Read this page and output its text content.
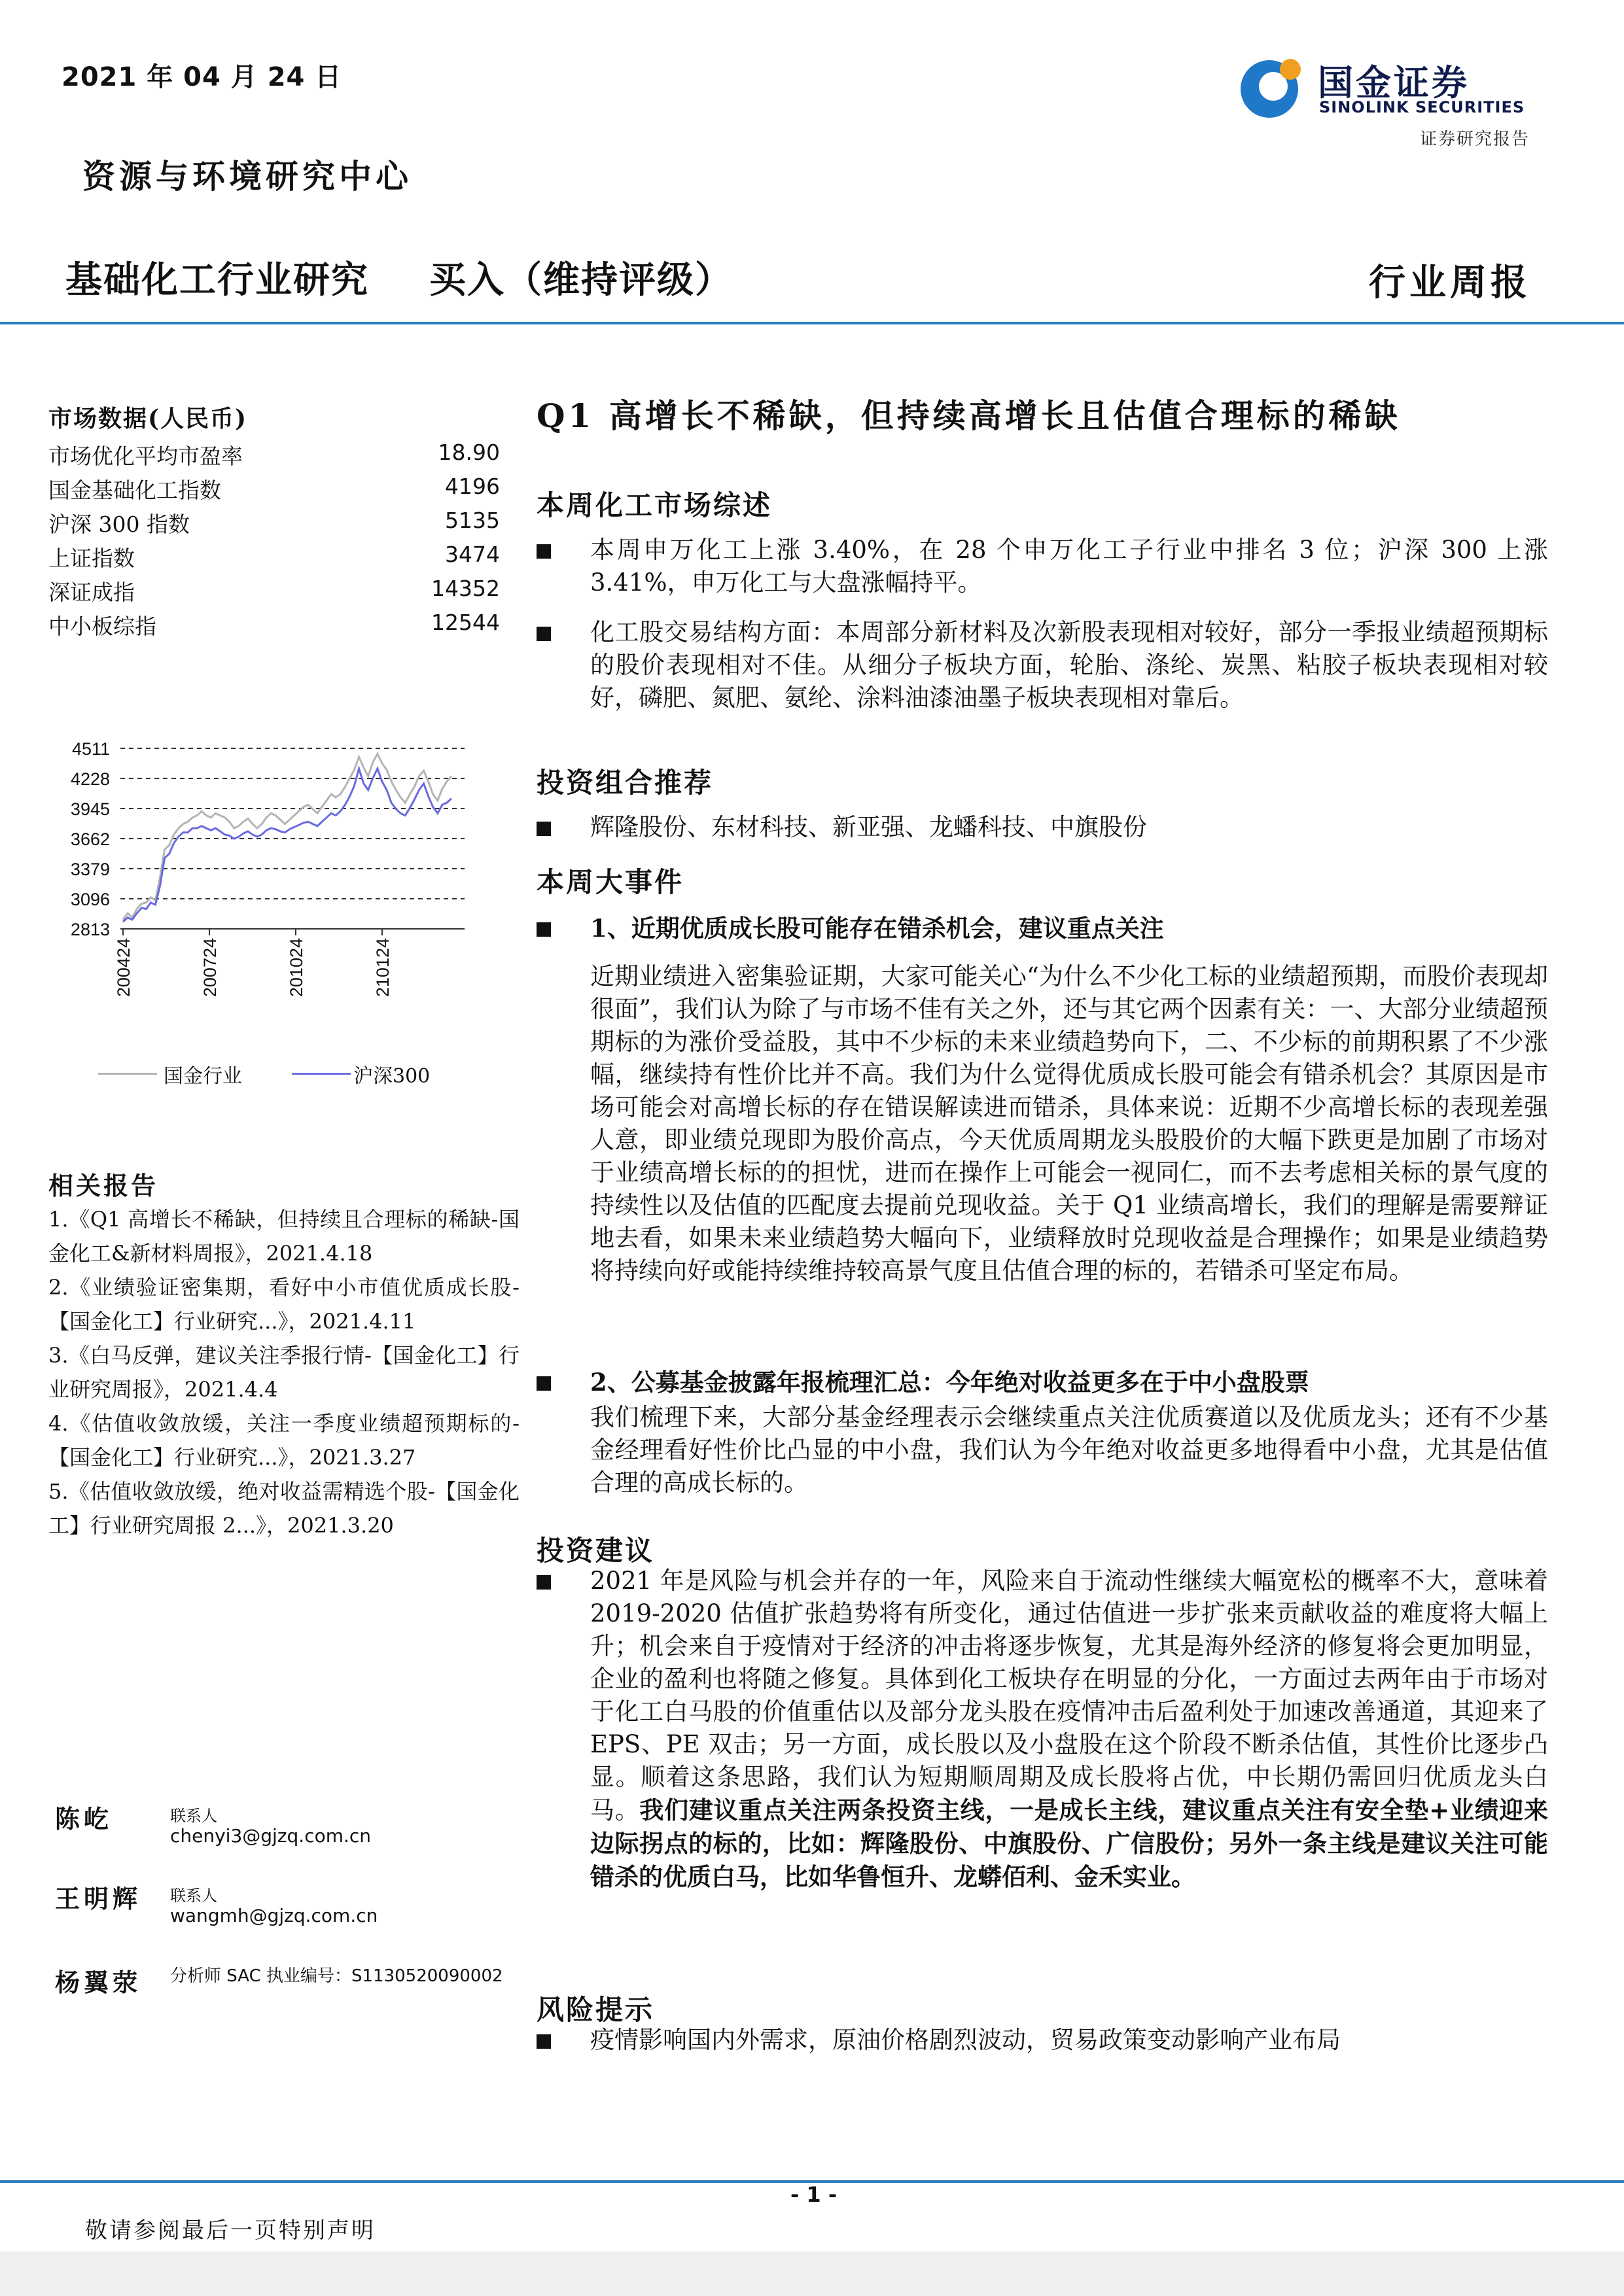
2021 年 04 月 24 日	国金证券
SINOLINK SECURITIES
证券研究报告
资源与环境研究中心
基础化工行业研究 买入（维持评级）	行业周报
市场数据(人民币)
市场优化平均市盈率	18.90
国金基础化工指数	4196
沪深 300 指数	5135
上证指数	3474
深证成指	14352
中小板综指	12544
4511
4228
3945
3662
3379
3096
2813
200424	200724	201024	210124
国金行业	沪深300
相关报告
1.《Q1 高增长不稀缺，但持续且合理标的稀缺-国金化工&新材料周报》，2021.4.18
2.《业绩验证密集期，看好中小市值优质成长股-【国金化工】行业研究...》，2021.4.11
3.《白马反弹，建议关注季报行情-【国金化工】行业研究周报》，2021.4.4
4.《估值收敛放缓，关注一季度业绩超预期标的-【国金化工】行业研究...》，2021.3.27
5.《估值收敛放缓，绝对收益需精选个股-【国金化工】行业研究周报 2...》，2021.3.20
陈屹	联系人
chenyi3@gjzq.com.cn
王明辉 联系人
wangmh@gjzq.com.cn
杨翼荥 分析师 SAC 执业编号：S1130520090002
Q1 高增长不稀缺，但持续高增长且估值合理标的稀缺
本周化工市场综述
本周申万化工上涨 3.40%，在 28 个申万化工子行业中排名 3 位；沪深 300 上涨 3.41%，申万化工与大盘涨幅持平。
化工股交易结构方面：本周部分新材料及次新股表现相对较好，部分一季报业绩超预期标的股价表现相对不佳。从细分子板块方面，轮胎、涤纶、炭黑、粘胶子板块表现相对较好，磷肥、氮肥、氨纶、涂料油漆油墨子板块表现相对靠后。
投资组合推荐
辉隆股份、东材科技、新亚强、龙蟠科技、中旗股份
本周大事件
1、近期优质成长股可能存在错杀机会，建议重点关注
近期业绩进入密集验证期，大家可能关心“为什么不少化工标的业绩超预期，而股价表现却很面”，我们认为除了与市场不佳有关之外，还与其它两个因素有关：一、大部分业绩超预期标的为涨价受益股，其中不少标的未来业绩趋势向下，二、不少标的前期积累了不少涨幅，继续持有性价比并不高。我们为什么觉得优质成长股可能会有错杀机会？其原因是市场可能会对高增长标的存在错误解读进而错杀，具体来说：近期不少高增长标的表现差强人意，即业绩兑现即为股价高点，今天优质周期龙头股股价的大幅下跌更是加剧了市场对于业绩高增长标的的担忧，进而在操作上可能会一视同仁，而不去考虑相关标的景气度的持续性以及估值的匹配度去提前兑现收益。关于 Q1 业绩高增长，我们的理解是需要辩证地去看，如果未来业绩趋势大幅向下，业绩释放时兑现收益是合理操作；如果是业绩趋势将持续向好或能持续维持较高景气度且估值合理的标的，若错杀可坚定布局。
2、公募基金披露年报梳理汇总：今年绝对收益更多在于中小盘股票
我们梳理下来，大部分基金经理表示会继续重点关注优质赛道以及优质龙头；还有不少基金经理看好性价比凸显的中小盘，我们认为今年绝对收益更多地得看中小盘，尤其是估值合理的高成长标的。
投资建议
2021 年是风险与机会并存的一年，风险来自于流动性继续大幅宽松的概率不大，意味着 2019-2020 估值扩张趋势将有所变化，通过估值进一步扩张来贡献收益的难度将大幅上升；机会来自于疫情对于经济的冲击将逐步恢复，尤其是海外经济的修复将会更加明显，企业的盈利也将随之修复。具体到化工板块存在明显的分化，一方面过去两年由于市场对于化工白马股的价值重估以及部分龙头股在疫情冲击后盈利处于加速改善通道，其迎来了 EPS、PE 双击；另一方面，成长股以及小盘股在这个阶段不断杀估值，其性价比逐步凸显。顺着这条思路，我们认为短期顺周期及成长股将占优，中长期仍需回归优质龙头白马。我们建议重点关注两条投资主线，一是成长主线，建议重点关注有安全垫+业绩迎来边际拐点的标的，比如：辉隆股份、中旗股份、广信股份；另外一条主线是建议关注可能错杀的优质白马，比如华鲁恒升、龙蟒佰利、金禾实业。
风险提示
疫情影响国内外需求，原油价格剧烈波动，贸易政策变动影响产业布局
- 1 -
敬请参阅最后一页特别声明
